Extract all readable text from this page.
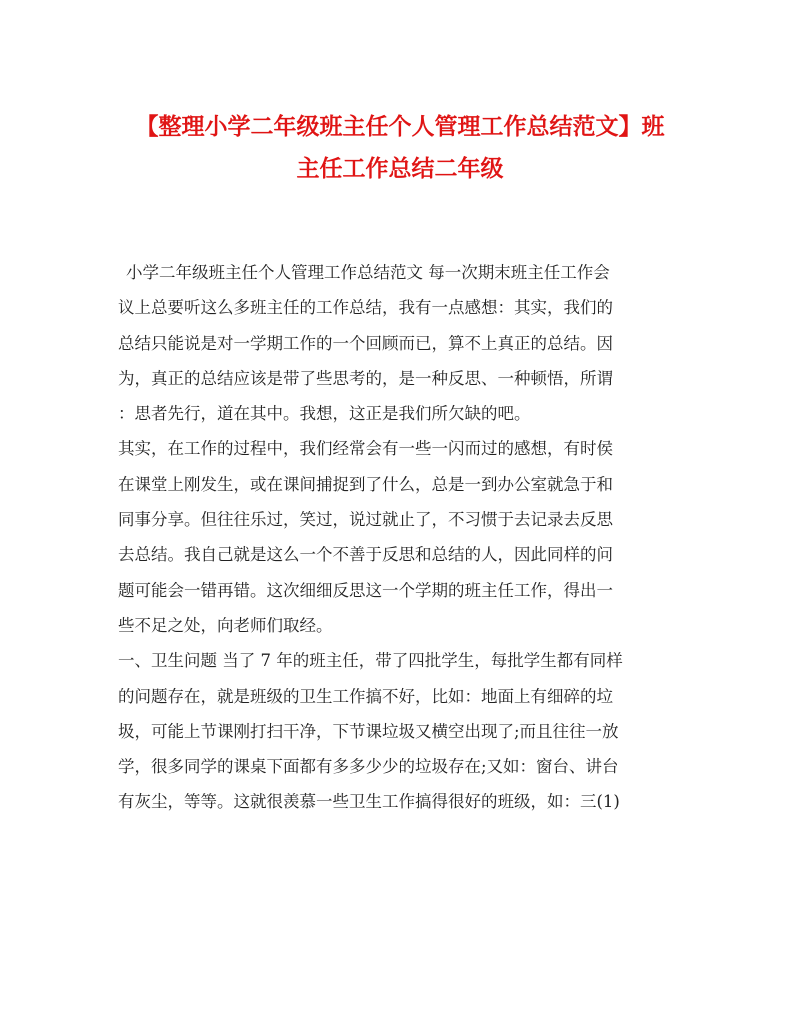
【整理小学二年级班主任个人管理工作总结范文】班
主任工作总结二年级
小学二年级班主任个人管理工作总结范文 每一次期末班主任工作会
议上总要听这么多班主任的工作总结，我有一点感想：其实，我们的
总结只能说是对一学期工作的一个回顾而已，算不上真正的总结。因
为，真正的总结应该是带了些思考的，是一种反思、一种顿悟，所谓
：思者先行，道在其中。我想，这正是我们所欠缺的吧。
其实，在工作的过程中，我们经常会有一些一闪而过的感想，有时侯
在课堂上刚发生，或在课间捕捉到了什么，总是一到办公室就急于和
同事分享。但往往乐过，笑过，说过就止了，不习惯于去记录去反思
去总结。我自己就是这么一个不善于反思和总结的人，因此同样的问
题可能会一错再错。这次细细反思这一个学期的班主任工作，得出一
些不足之处，向老师们取经。
一、卫生问题 当了 7 年的班主任，带了四批学生，每批学生都有同样
的问题存在，就是班级的卫生工作搞不好，比如：地面上有细碎的垃
圾，可能上节课刚打扫干净，下节课垃圾又横空出现了;而且往往一放
学，很多同学的课桌下面都有多多少少的垃圾存在;又如：窗台、讲台
有灰尘，等等。这就很羡慕一些卫生工作搞得很好的班级，如：三(1)
